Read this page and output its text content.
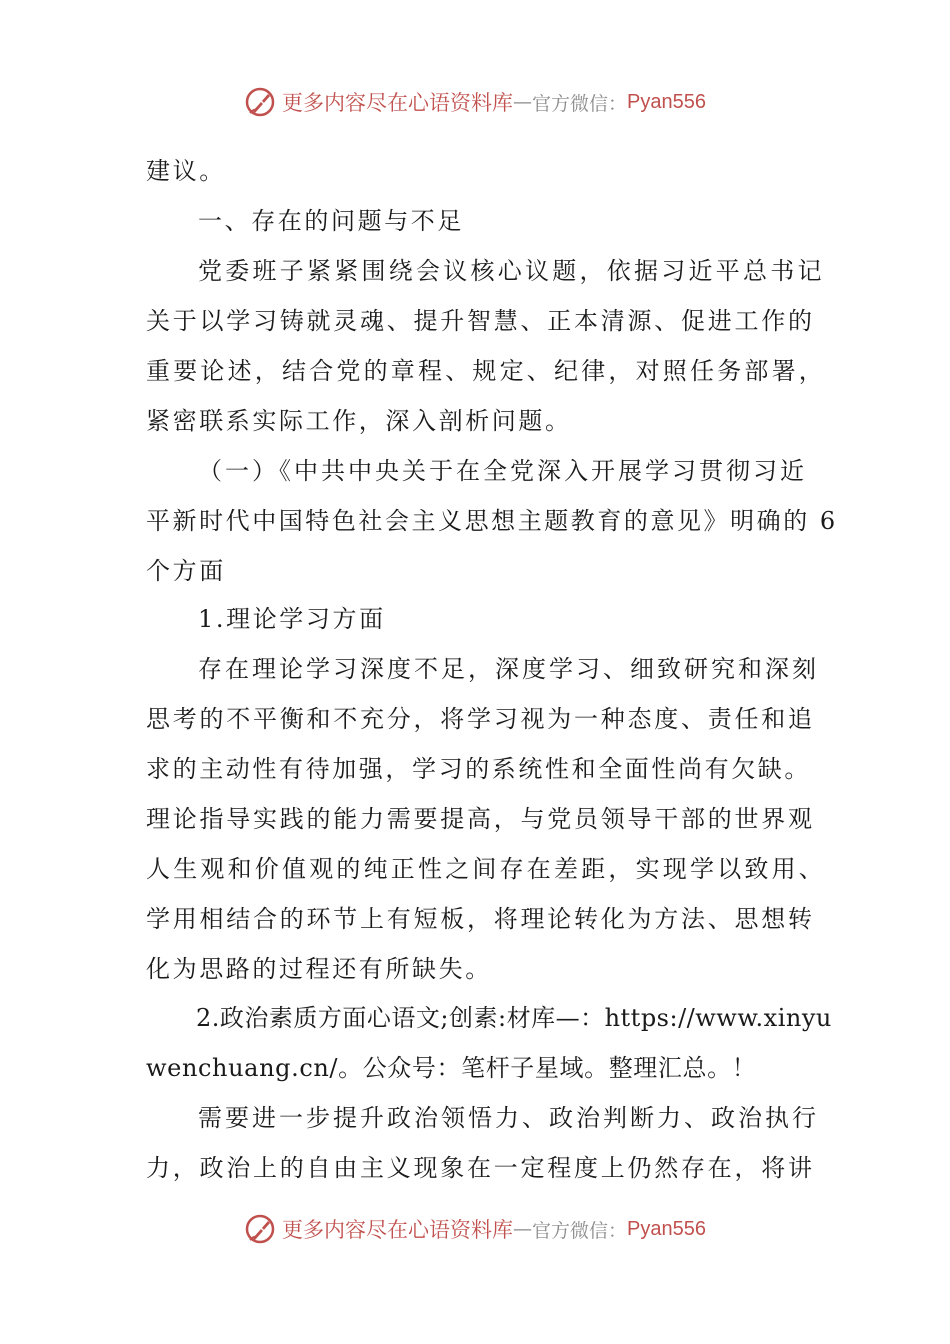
更多内容尽在心语资料库 — 官方微信： Pyan556
建议。
一、存在的问题与不足
党委班子紧紧围绕会议核心议题，依据习近平总书记
关于以学习铸就灵魂、提升智慧、正本清源、促进工作的
重要论述，结合党的章程、规定、纪律，对照任务部署，
紧密联系实际工作，深入剖析问题。
（一）《中共中央关于在全党深入开展学习贯彻习近
平新时代中国特色社会主义思想主题教育的意见》明确的 6
个方面
1.理论学习方面
存在理论学习深度不足，深度学习、细致研究和深刻
思考的不平衡和不充分，将学习视为一种态度、责任和追
求的主动性有待加强，学习的系统性和全面性尚有欠缺。
理论指导实践的能力需要提高，与党员领导干部的世界观
人生观和价值观的纯正性之间存在差距，实现学以致用、
学用相结合的环节上有短板，将理论转化为方法、思想转
化为思路的过程还有所缺失。
2.政治素质方面心语文;创素:材库—：https://www.xinyu
wenchuang.cn/。公众号：笔杆子星域。整理汇总。！
需要进一步提升政治领悟力、政治判断力、政治执行
力，政治上的自由主义现象在一定程度上仍然存在，将讲
更多内容尽在心语资料库 — 官方微信： Pyan556
